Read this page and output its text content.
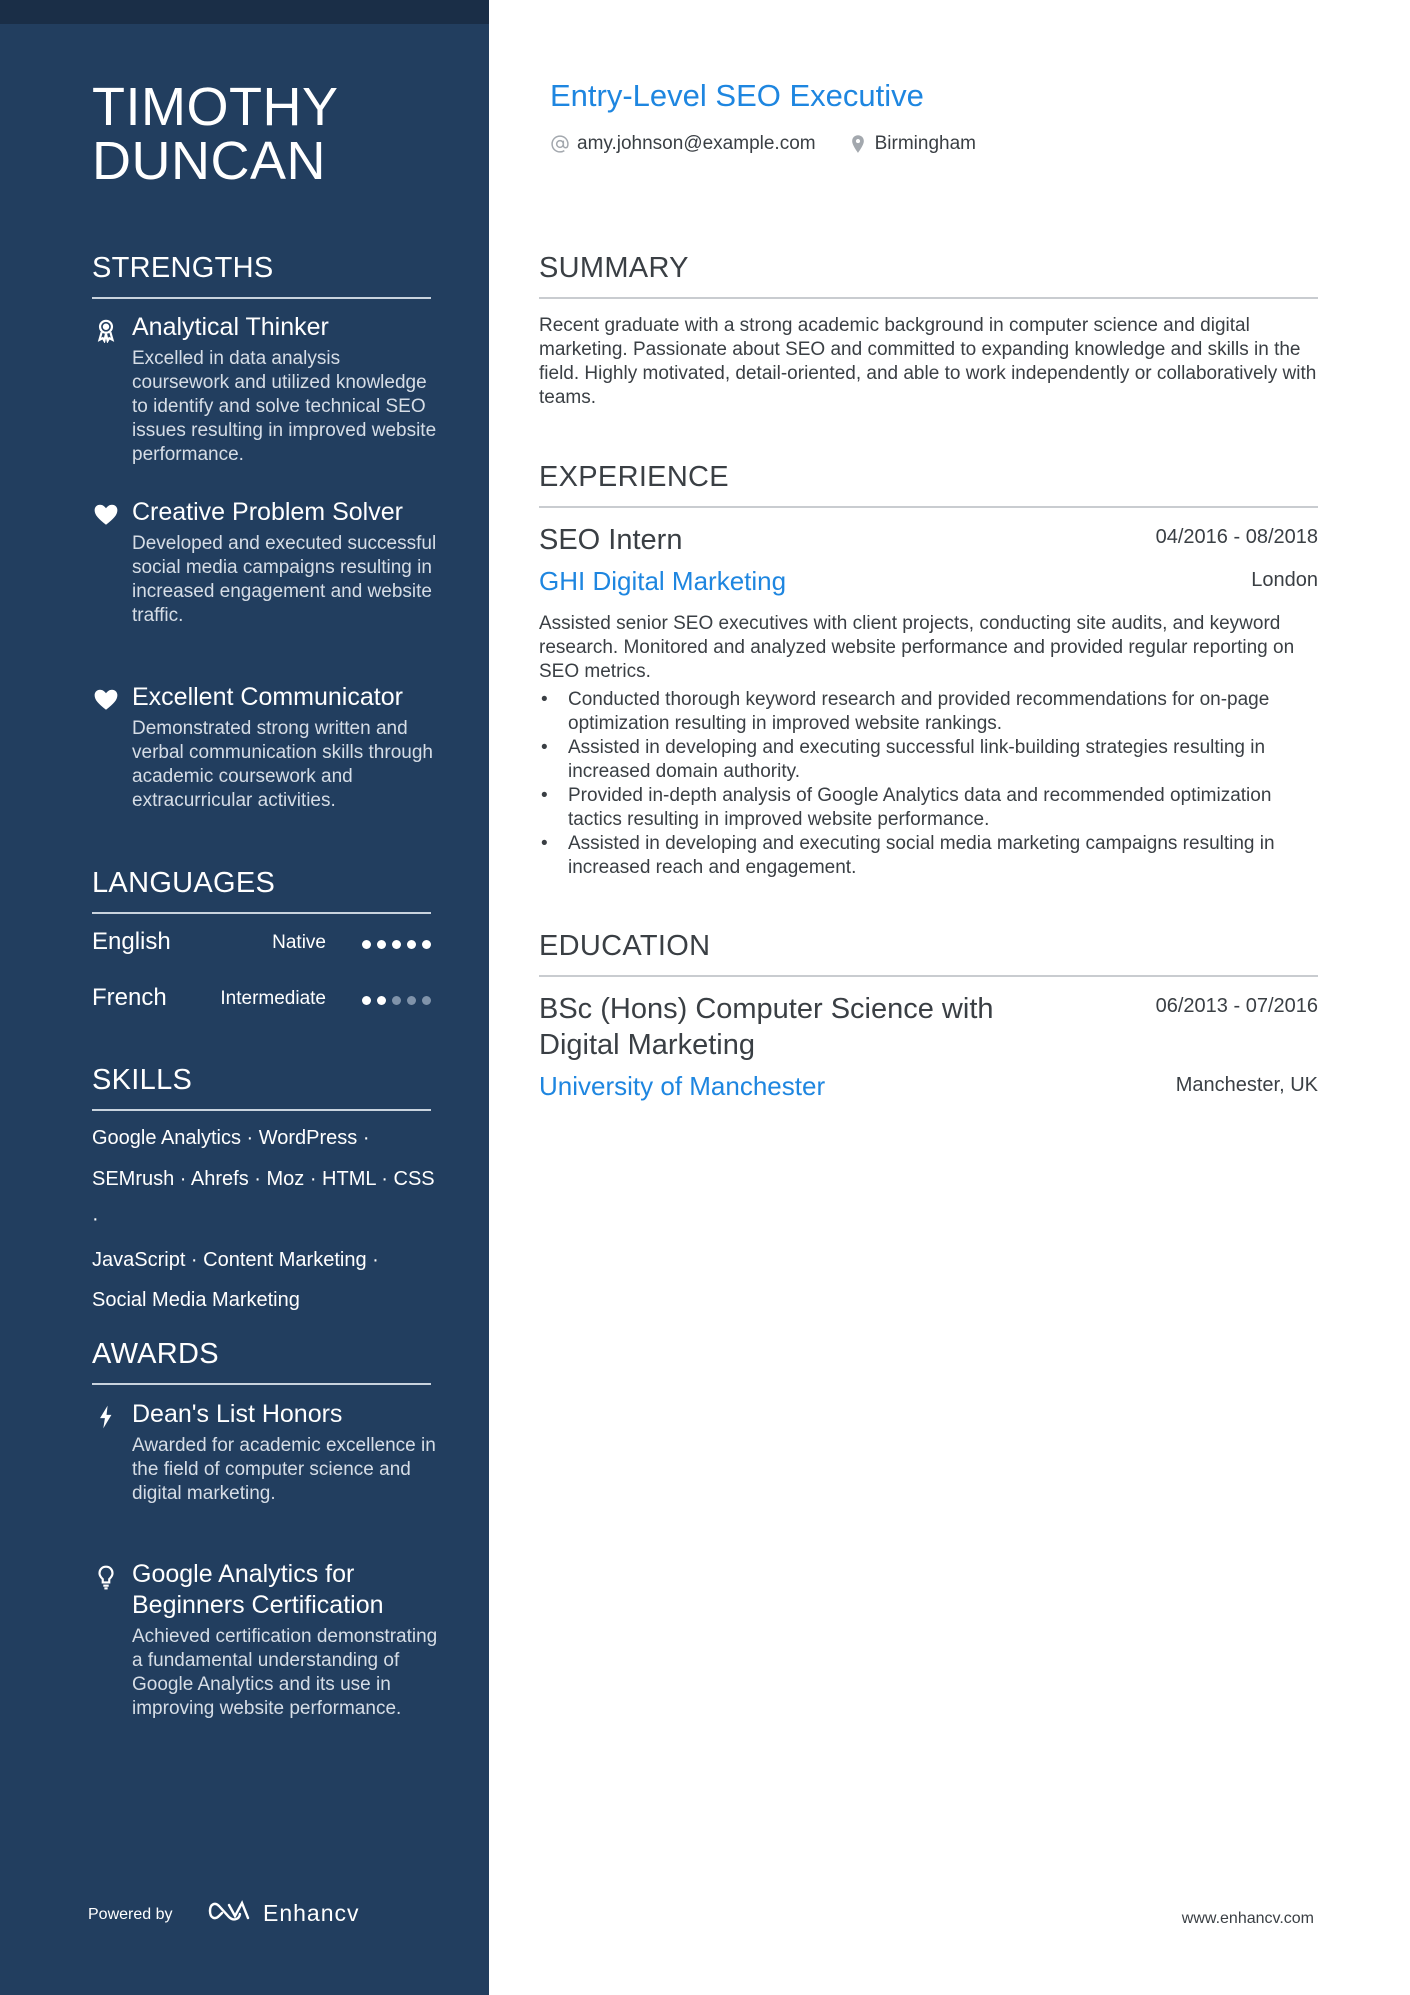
TIMOTHY
DUNCAN
STRENGTHS
Analytical Thinker
Excelled in data analysis coursework and utilized knowledge to identify and solve technical SEO issues resulting in improved website performance.
Creative Problem Solver
Developed and executed successful social media campaigns resulting in increased engagement and website traffic.
Excellent Communicator
Demonstrated strong written and verbal communication skills through academic coursework and extracurricular activities.
LANGUAGES
English	Native
French	Intermediate
SKILLS
Google Analytics · WordPress ·
SEMrush · Ahrefs · Moz · HTML · CSS ·
JavaScript · Content Marketing ·
Social Media Marketing
AWARDS
Dean's List Honors
Awarded for academic excellence in the field of computer science and digital marketing.
Google Analytics for Beginners Certification
Achieved certification demonstrating a fundamental understanding of Google Analytics and its use in improving website performance.
Powered by	Enhancv
Entry-Level SEO Executive
amy.johnson@example.com	Birmingham
SUMMARY
Recent graduate with a strong academic background in computer science and digital marketing. Passionate about SEO and committed to expanding knowledge and skills in the field. Highly motivated, detail-oriented, and able to work independently or collaboratively with teams.
EXPERIENCE
SEO Intern	04/2016 - 08/2018
GHI Digital Marketing	London
Assisted senior SEO executives with client projects, conducting site audits, and keyword research. Monitored and analyzed website performance and provided regular reporting on SEO metrics.
• Conducted thorough keyword research and provided recommendations for on-page optimization resulting in improved website rankings.
• Assisted in developing and executing successful link-building strategies resulting in increased domain authority.
• Provided in-depth analysis of Google Analytics data and recommended optimization tactics resulting in improved website performance.
• Assisted in developing and executing social media marketing campaigns resulting in increased reach and engagement.
EDUCATION
BSc (Hons) Computer Science with Digital Marketing
06/2013 - 07/2016
University of Manchester	Manchester, UK
www.enhancv.com
